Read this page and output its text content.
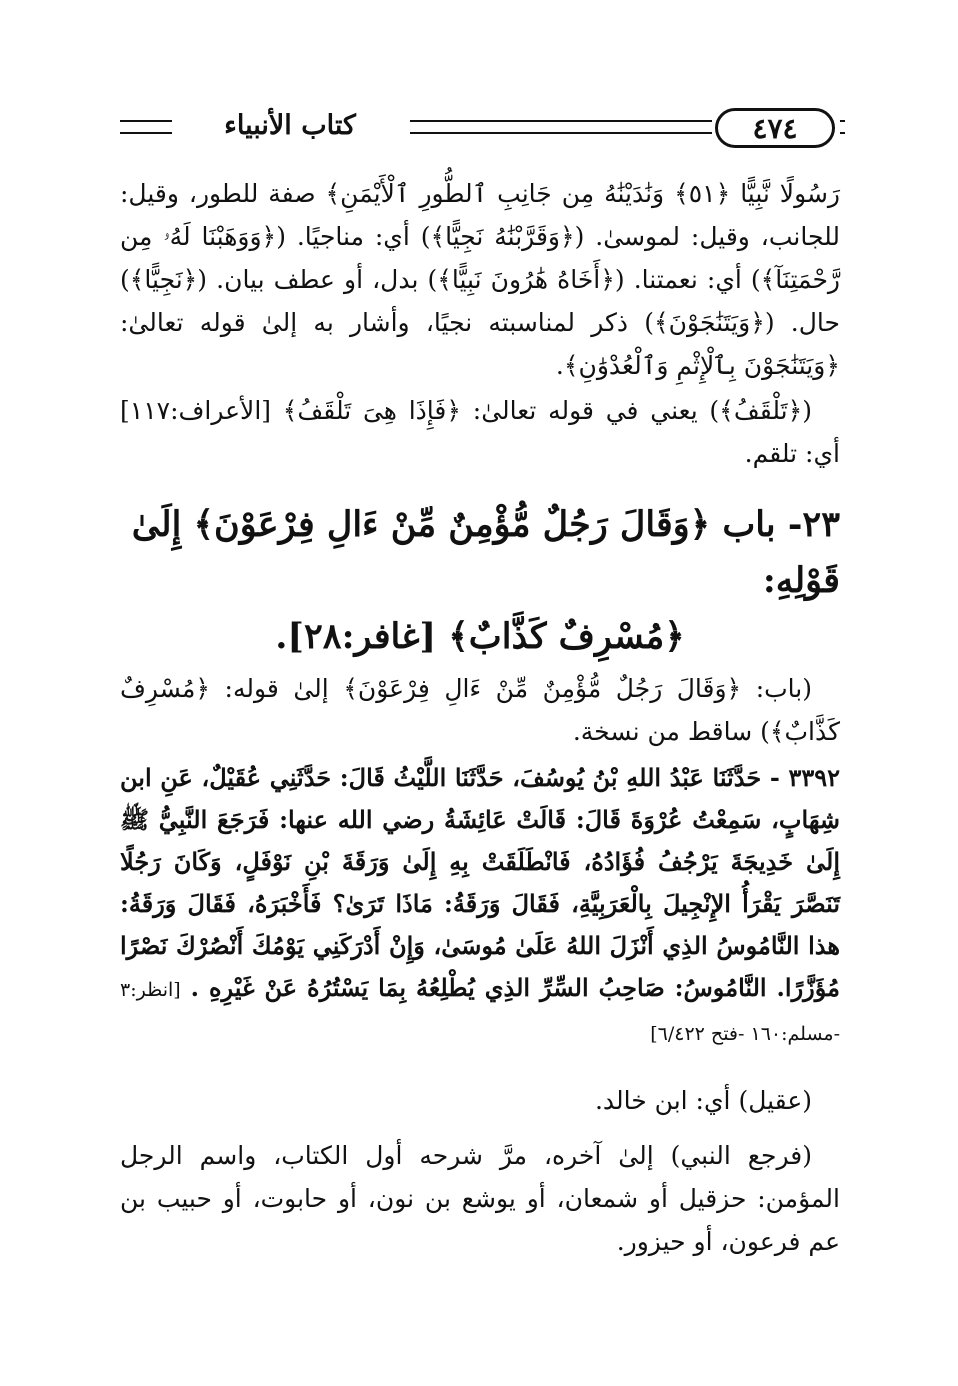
٤٧٤
كتاب الأنبياء

رَسُولًا نَّبِيًّا ﴿٥١﴾ وَنَٰدَيْنَٰهُ مِن جَانِبِ ٱلطُّورِ ٱلْأَيْمَنِ﴾ صفة للطور، وقيل: للجانب، وقيل: لموسىٰ. (﴿وَقَرَّبْنَٰهُ نَجِيًّا﴾) أي: مناجيًا. (﴿وَوَهَبْنَا لَهُۥ مِن رَّحْمَتِنَآ﴾) أي: نعمتنا. (﴿أَخَاهُ هَٰرُونَ نَبِيًّا﴾) بدل، أو عطف بيان. (﴿نَجِيًّا﴾) حال. (﴿وَيَتَنَٰجَوْنَ﴾) ذكر لمناسبته نجيًا، وأشار به إلىٰ قوله تعالىٰ: ﴿وَيَتَنَٰجَوْنَ بِٱلْإِثْمِ وَٱلْعُدْوَٰنِ﴾.

(﴿تَلْقَفُ﴾) يعني في قوله تعالىٰ: ﴿فَإِذَا هِىَ تَلْقَفُ﴾ [الأعراف:١١٧] أي: تلقم.

٢٣- باب ﴿وَقَالَ رَجُلٌ مُّؤْمِنٌ مِّنْ ءَالِ فِرْعَوْنَ﴾ إِلَىٰ قَوْلِهِ:
﴿مُسْرِفٌ كَذَّابٌ﴾ [غافر:٢٨].

(باب: ﴿وَقَالَ رَجُلٌ مُّؤْمِنٌ مِّنْ ءَالِ فِرْعَوْنَ﴾ إلىٰ قوله: ﴿مُسْرِفٌ كَذَّابٌ﴾) ساقط من نسخة.

٣٣٩٢ - حَدَّثَنَا عَبْدُ اللهِ بْنُ يُوسُفَ، حَدَّثَنَا اللَّيْثُ قَالَ: حَدَّثَنِي عُقَيْلٌ، عَنِ ابن شِهَابٍ، سَمِعْتُ عُرْوَةَ قَالَ: قَالَتْ عَائِشَةُ رضي الله عنها: فَرَجَعَ النَّبِيُّ ﷺ إِلَىٰ خَدِيجَةَ يَرْجُفُ فُؤَادُهُ، فَانْطَلَقَتْ بِهِ إِلَىٰ وَرَقَةَ بْنِ نَوْفَلٍ، وَكَانَ رَجُلًا تَنَصَّرَ يَقْرَأُ الإِنْجِيلَ بِالْعَرَبِيَّةِ، فَقَالَ وَرَقَةُ: مَاذَا تَرَىٰ؟ فَأَخْبَرَهُ، فَقَالَ وَرَقَةُ: هذا النَّامُوسُ الذِي أَنْزَلَ اللهُ عَلَىٰ مُوسَىٰ، وَإِنْ أَدْرَكَنِي يَوْمُكَ أَنْصُرْكَ نَصْرًا مُؤَزَّرًا. النَّامُوسُ: صَاحِبُ السِّرِّ الذِي يُطْلِعُهُ بِمَا يَسْتُرُهُ عَنْ غَيْرِهِ . [انظر:٣ -مسلم:١٦٠ -فتح ٦/٤٢٢]

(عقيل) أي: ابن خالد.

(فرجع النبي) إلىٰ آخره، مرَّ شرحه أول الكتاب، واسم الرجل المؤمن: حزقيل أو شمعان، أو يوشع بن نون، أو حابوت، أو حبيب بن عم فرعون، أو حيزور.
